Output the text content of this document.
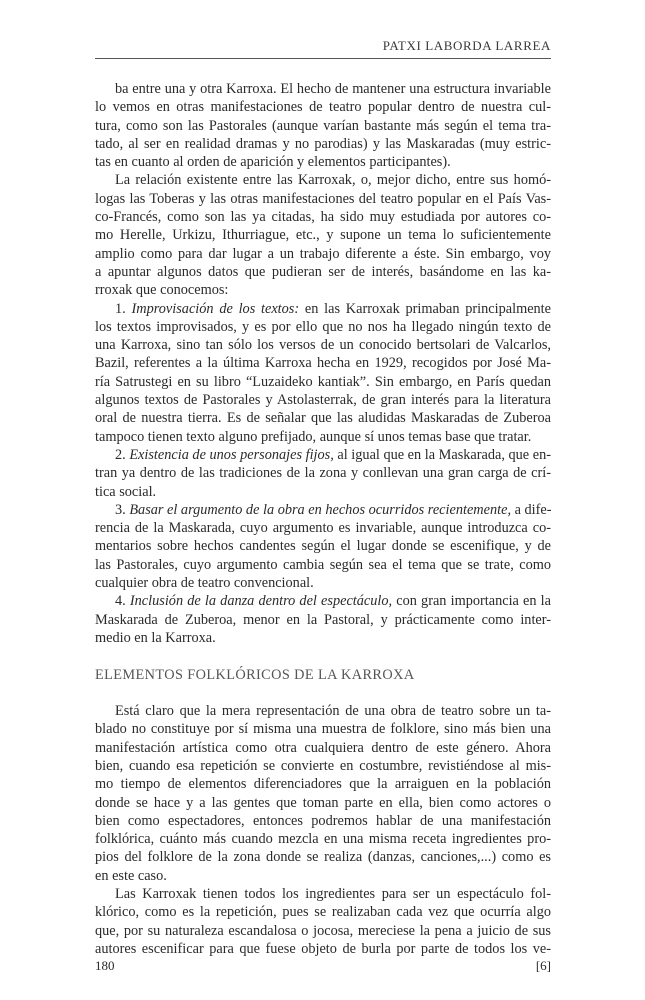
PATXI LABORDA LARREA
ba entre una y otra Karroxa. El hecho de mantener una estructura invariable
lo vemos en otras manifestaciones de teatro popular dentro de nuestra cul-
tura, como son las Pastorales (aunque varían bastante más según el tema tra-
tado, al ser en realidad dramas y no parodias) y las Maskaradas (muy estric-
tas en cuanto al orden de aparición y elementos participantes).
La relación existente entre las Karroxak, o, mejor dicho, entre sus homó-
logas las Toberas y las otras manifestaciones del teatro popular en el País Vas-
co-Francés, como son las ya citadas, ha sido muy estudiada por autores co-
mo Herelle, Urkizu, Ithurriague, etc., y supone un tema lo suficientemente
amplio como para dar lugar a un trabajo diferente a éste. Sin embargo, voy
a apuntar algunos datos que pudieran ser de interés, basándome en las ka-
rroxak que conocemos:
1. Improvisación de los textos: en las Karroxak primaban principalmente
los textos improvisados, y es por ello que no nos ha llegado ningún texto de
una Karroxa, sino tan sólo los versos de un conocido bertsolari de Valcarlos,
Bazil, referentes a la última Karroxa hecha en 1929, recogidos por José Ma-
ría Satrustegi en su libro “Luzaideko kantiak”. Sin embargo, en París quedan
algunos textos de Pastorales y Astolasterrak, de gran interés para la literatura
oral de nuestra tierra. Es de señalar que las aludidas Maskaradas de Zuberoa
tampoco tienen texto alguno prefijado, aunque sí unos temas base que tratar.
2. Existencia de unos personajes fijos, al igual que en la Maskarada, que en-
tran ya dentro de las tradiciones de la zona y conllevan una gran carga de crí-
tica social.
3. Basar el argumento de la obra en hechos ocurridos recientemente, a dife-
rencia de la Maskarada, cuyo argumento es invariable, aunque introduzca co-
mentarios sobre hechos candentes según el lugar donde se escenifique, y de
las Pastorales, cuyo argumento cambia según sea el tema que se trate, como
cualquier obra de teatro convencional.
4. Inclusión de la danza dentro del espectáculo, con gran importancia en la
Maskarada de Zuberoa, menor en la Pastoral, y prácticamente como inter-
medio en la Karroxa.
ELEMENTOS FOLKLÓRICOS DE LA KARROXA
Está claro que la mera representación de una obra de teatro sobre un ta-
blado no constituye por sí misma una muestra de folklore, sino más bien una
manifestación artística como otra cualquiera dentro de este género. Ahora
bien, cuando esa repetición se convierte en costumbre, revistiéndose al mis-
mo tiempo de elementos diferenciadores que la arraiguen en la población
donde se hace y a las gentes que toman parte en ella, bien como actores o
bien como espectadores, entonces podremos hablar de una manifestación
folklórica, cuánto más cuando mezcla en una misma receta ingredientes pro-
pios del folklore de la zona donde se realiza (danzas, canciones,...) como es
en este caso.
Las Karroxak tienen todos los ingredientes para ser un espectáculo fol-
klórico, como es la repetición, pues se realizaban cada vez que ocurría algo
que, por su naturaleza escandalosa o jocosa, mereciese la pena a juicio de sus
autores escenificar para que fuese objeto de burla por parte de todos los ve-
180	[6]
